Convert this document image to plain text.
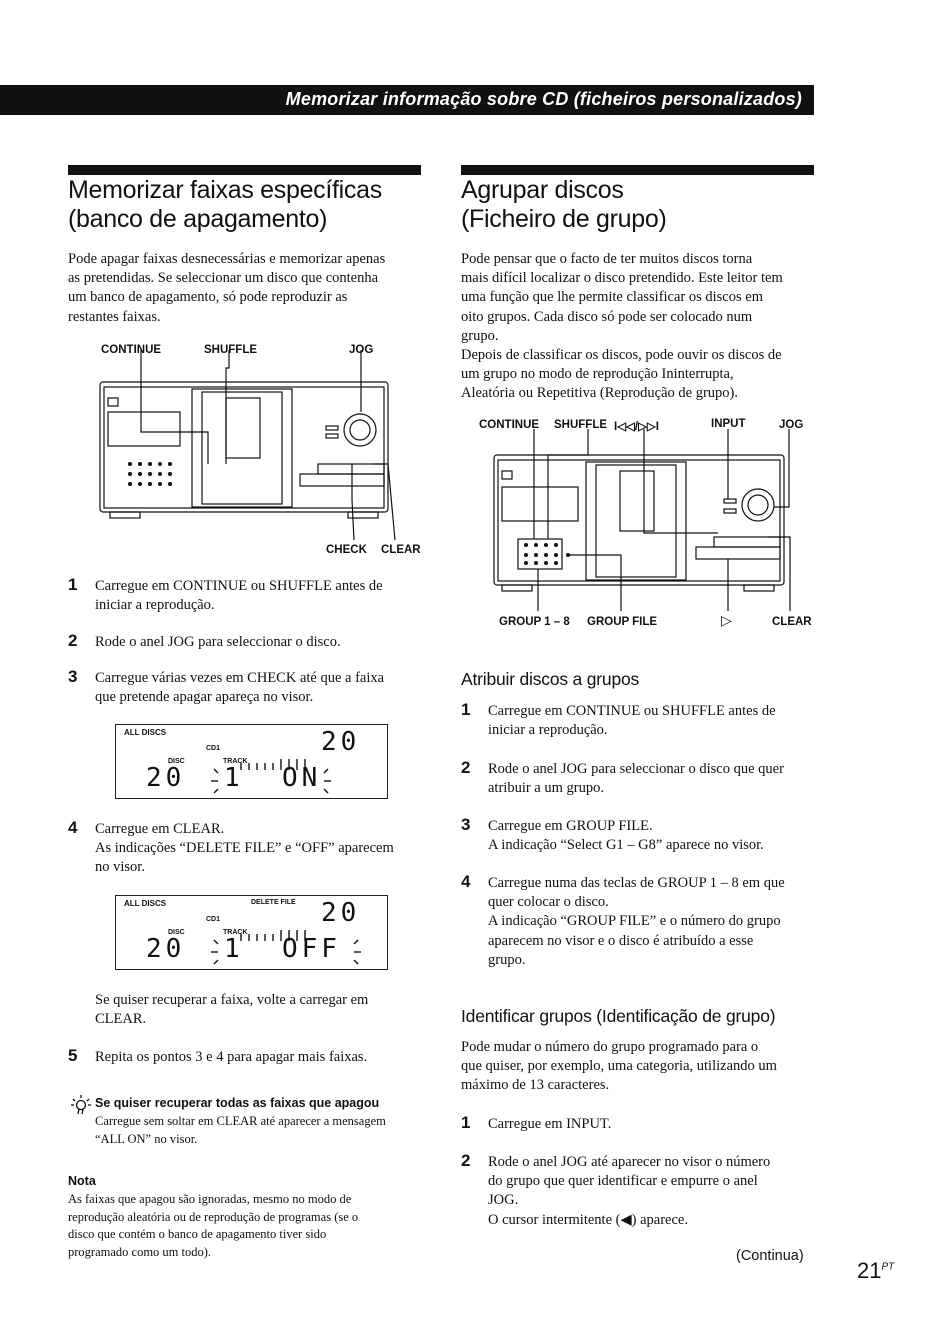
Memorizar informação sobre CD (ficheiros personalizados)
Memorizar faixas específicas
(banco de apagamento)
Pode apagar faixas desnecessárias e memorizar apenas
as pretendidas. Se seleccionar um disco que contenha
um banco de apagamento, só pode reproduzir as
restantes faixas.
CONTINUE	SHUFFLE	JOG
CHECK CLEAR
1 Carregue em CONTINUE ou SHUFFLE antes de
iniciar a reprodução.
2 Rode o anel JOG para seleccionar o disco.
3 Carregue várias vezes em CHECK até que a faixa
que pretende apagar apareça no visor.
ALL DISCS
CD1
DISC	TRACK
20
20 1 ON
4 Carregue em CLEAR.
As indicações “DELETE FILE” e “OFF” aparecem
no visor.
ALL DISCS	DELETE FILE
CD1
DISC	TRACK
20
20 1 OFF
Se quiser recuperar a faixa, volte a carregar em
CLEAR.
5 Repita os pontos 3 e 4 para apagar mais faixas.
Se quiser recuperar todas as faixas que apagou
Carregue sem soltar em CLEAR até aparecer a mensagem
“ALL ON” no visor.
Nota
As faixas que apagou são ignoradas, mesmo no modo de
reprodução aleatória ou de reprodução de programas (se o
disco que contém o banco de apagamento tiver sido
programado como um todo).
Agrupar discos
(Ficheiro de grupo)
Pode pensar que o facto de ter muitos discos torna
mais difícil localizar o disco pretendido. Este leitor tem
uma função que lhe permite classificar os discos em
oito grupos. Cada disco só pode ser colocado num
grupo.
Depois de classificar os discos, pode ouvir os discos de
um grupo no modo de reprodução Ininterrupta,
Aleatória ou Repetitiva (Reprodução de grupo).
CONTINUE SHUFFLE I◁◁/▷▷I	INPUT	JOG
GROUP 1 – 8 GROUP FILE	▷	CLEAR
Atribuir discos a grupos
1 Carregue em CONTINUE ou SHUFFLE antes de
iniciar a reprodução.
2 Rode o anel JOG para seleccionar o disco que quer
atribuir a um grupo.
3 Carregue em GROUP FILE.
A indicação “Select G1 – G8” aparece no visor.
4 Carregue numa das teclas de GROUP 1 – 8 em que
quer colocar o disco.
A indicação “GROUP FILE” e o número do grupo
aparecem no visor e o disco é atribuído a esse
grupo.
Identificar grupos (Identificação de grupo)
Pode mudar o número do grupo programado para o
que quiser, por exemplo, uma categoria, utilizando um
máximo de 13 caracteres.
1 Carregue em INPUT.
2 Rode o anel JOG até aparecer no visor o número
do grupo que quer identificar e empurre o anel
JOG.
O cursor intermitente (◀) aparece.
(Continua)
$21^{PT}$
